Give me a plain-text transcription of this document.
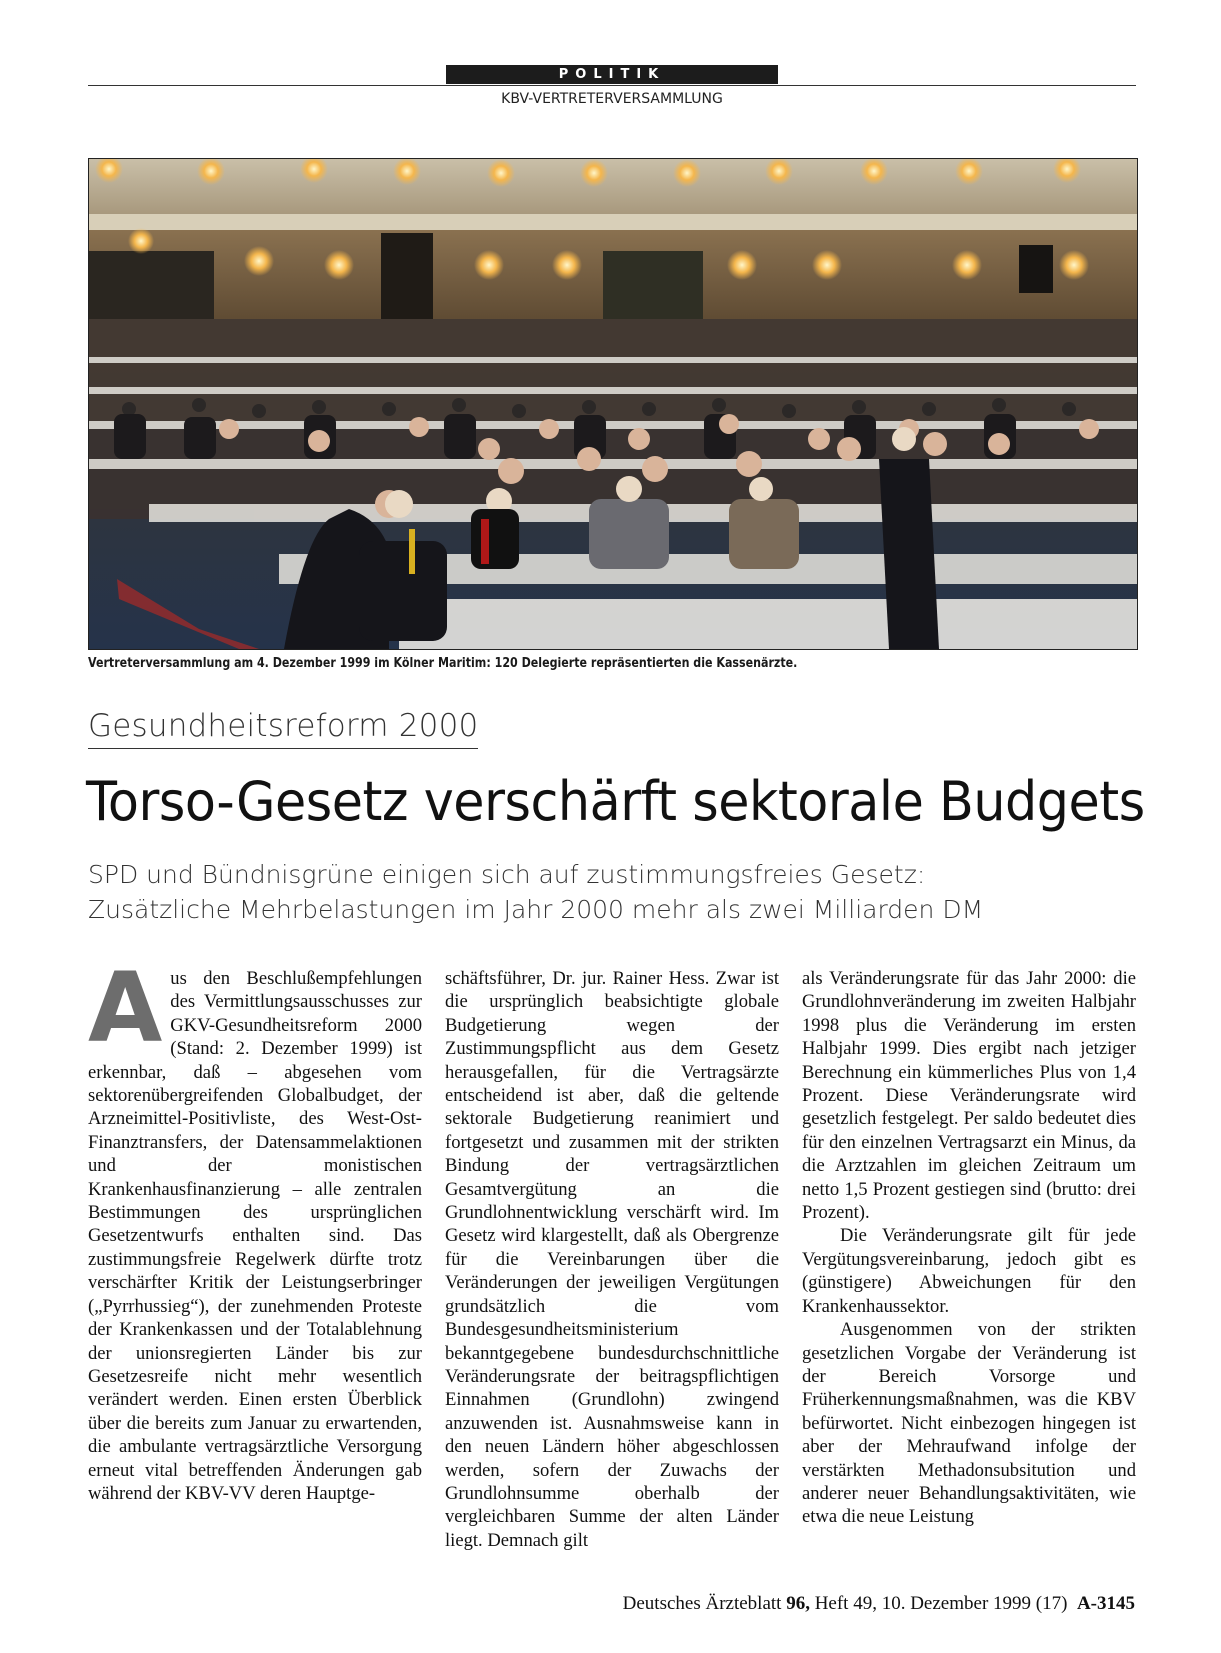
POLITIK
KBV-VERTRETERVERSAMMLUNG
Vertreterversammlung am 4. Dezember 1999 im Kölner Maritim: 120 Delegierte repräsentierten die Kassenärzte.
Gesundheitsreform 2000
Torso-Gesetz verschärft sektorale Budgets
SPD und Bündnisgrüne einigen sich auf zustimmungsfreies Gesetz:
Zusätzliche Mehrbelastungen im Jahr 2000 mehr als zwei Milliarden DM
A us den Beschlußempfehlungen des Vermittlungsausschusses zur GKV-Gesundheitsreform 2000 (Stand: 2. Dezember 1999) ist erkennbar, daß – abgesehen vom sektorenübergreifenden Globalbudget, der Arzneimittel-Positivliste, des West-Ost-Finanztransfers, der Datensammelaktionen und der monistischen Krankenhausfinanzierung – alle zentralen Bestimmungen des ursprünglichen Gesetzentwurfs enthalten sind. Das zustimmungsfreie Regelwerk dürfte trotz verschärfter Kritik der Leistungserbringer („Pyrrhussieg“), der zunehmenden Proteste der Krankenkassen und der Totalablehnung der unionsregierten Länder bis zur Gesetzesreife nicht mehr wesentlich verändert werden. Einen ersten Überblick über die bereits zum Januar zu erwartenden, die ambulante vertragsärztliche Versorgung erneut vital betreffenden Änderungen gab während der KBV-VV deren Hauptge-

schäftsführer, Dr. jur. Rainer Hess. Zwar ist die ursprünglich beabsichtigte globale Budgetierung wegen der Zustimmungspflicht aus dem Gesetz herausgefallen, für die Vertragsärzte entscheidend ist aber, daß die geltende sektorale Budgetierung reanimiert und fortgesetzt und zusammen mit der strikten Bindung der vertragsärztlichen Gesamtvergütung an die Grundlohnentwicklung verschärft wird. Im Gesetz wird klargestellt, daß als Obergrenze für die Vereinbarungen über die Veränderungen der jeweiligen Vergütungen grundsätzlich die vom Bundesgesundheitsministerium bekanntgegebene bundesdurchschnittliche Veränderungsrate der beitragspflichtigen Einnahmen (Grundlohn) zwingend anzuwenden ist. Ausnahmsweise kann in den neuen Ländern höher abgeschlossen werden, sofern der Zuwachs der Grundlohnsumme oberhalb der vergleichbaren Summe der alten Länder liegt. Demnach gilt

als Veränderungsrate für das Jahr 2000: die Grundlohnveränderung im zweiten Halbjahr 1998 plus die Veränderung im ersten Halbjahr 1999. Dies ergibt nach jetziger Berechnung ein kümmerliches Plus von 1,4 Prozent. Diese Veränderungsrate wird gesetzlich festgelegt. Per saldo bedeutet dies für den einzelnen Vertragsarzt ein Minus, da die Arztzahlen im gleichen Zeitraum um netto 1,5 Prozent gestiegen sind (brutto: drei Prozent).

Die Veränderungsrate gilt für jede Vergütungsvereinbarung, jedoch gibt es (günstigere) Abweichungen für den Krankenhaussektor.

Ausgenommen von der strikten gesetzlichen Vorgabe der Veränderung ist der Bereich Vorsorge und Früherkennungsmaßnahmen, was die KBV befürwortet. Nicht einbezogen hingegen ist aber der Mehraufwand infolge der verstärkten Methadonsubsitution und anderer neuer Behandlungsaktivitäten, wie etwa die neue Leistung

Deutsches Ärzteblatt 96, Heft 49, 10. Dezember 1999 (17) A-3145
